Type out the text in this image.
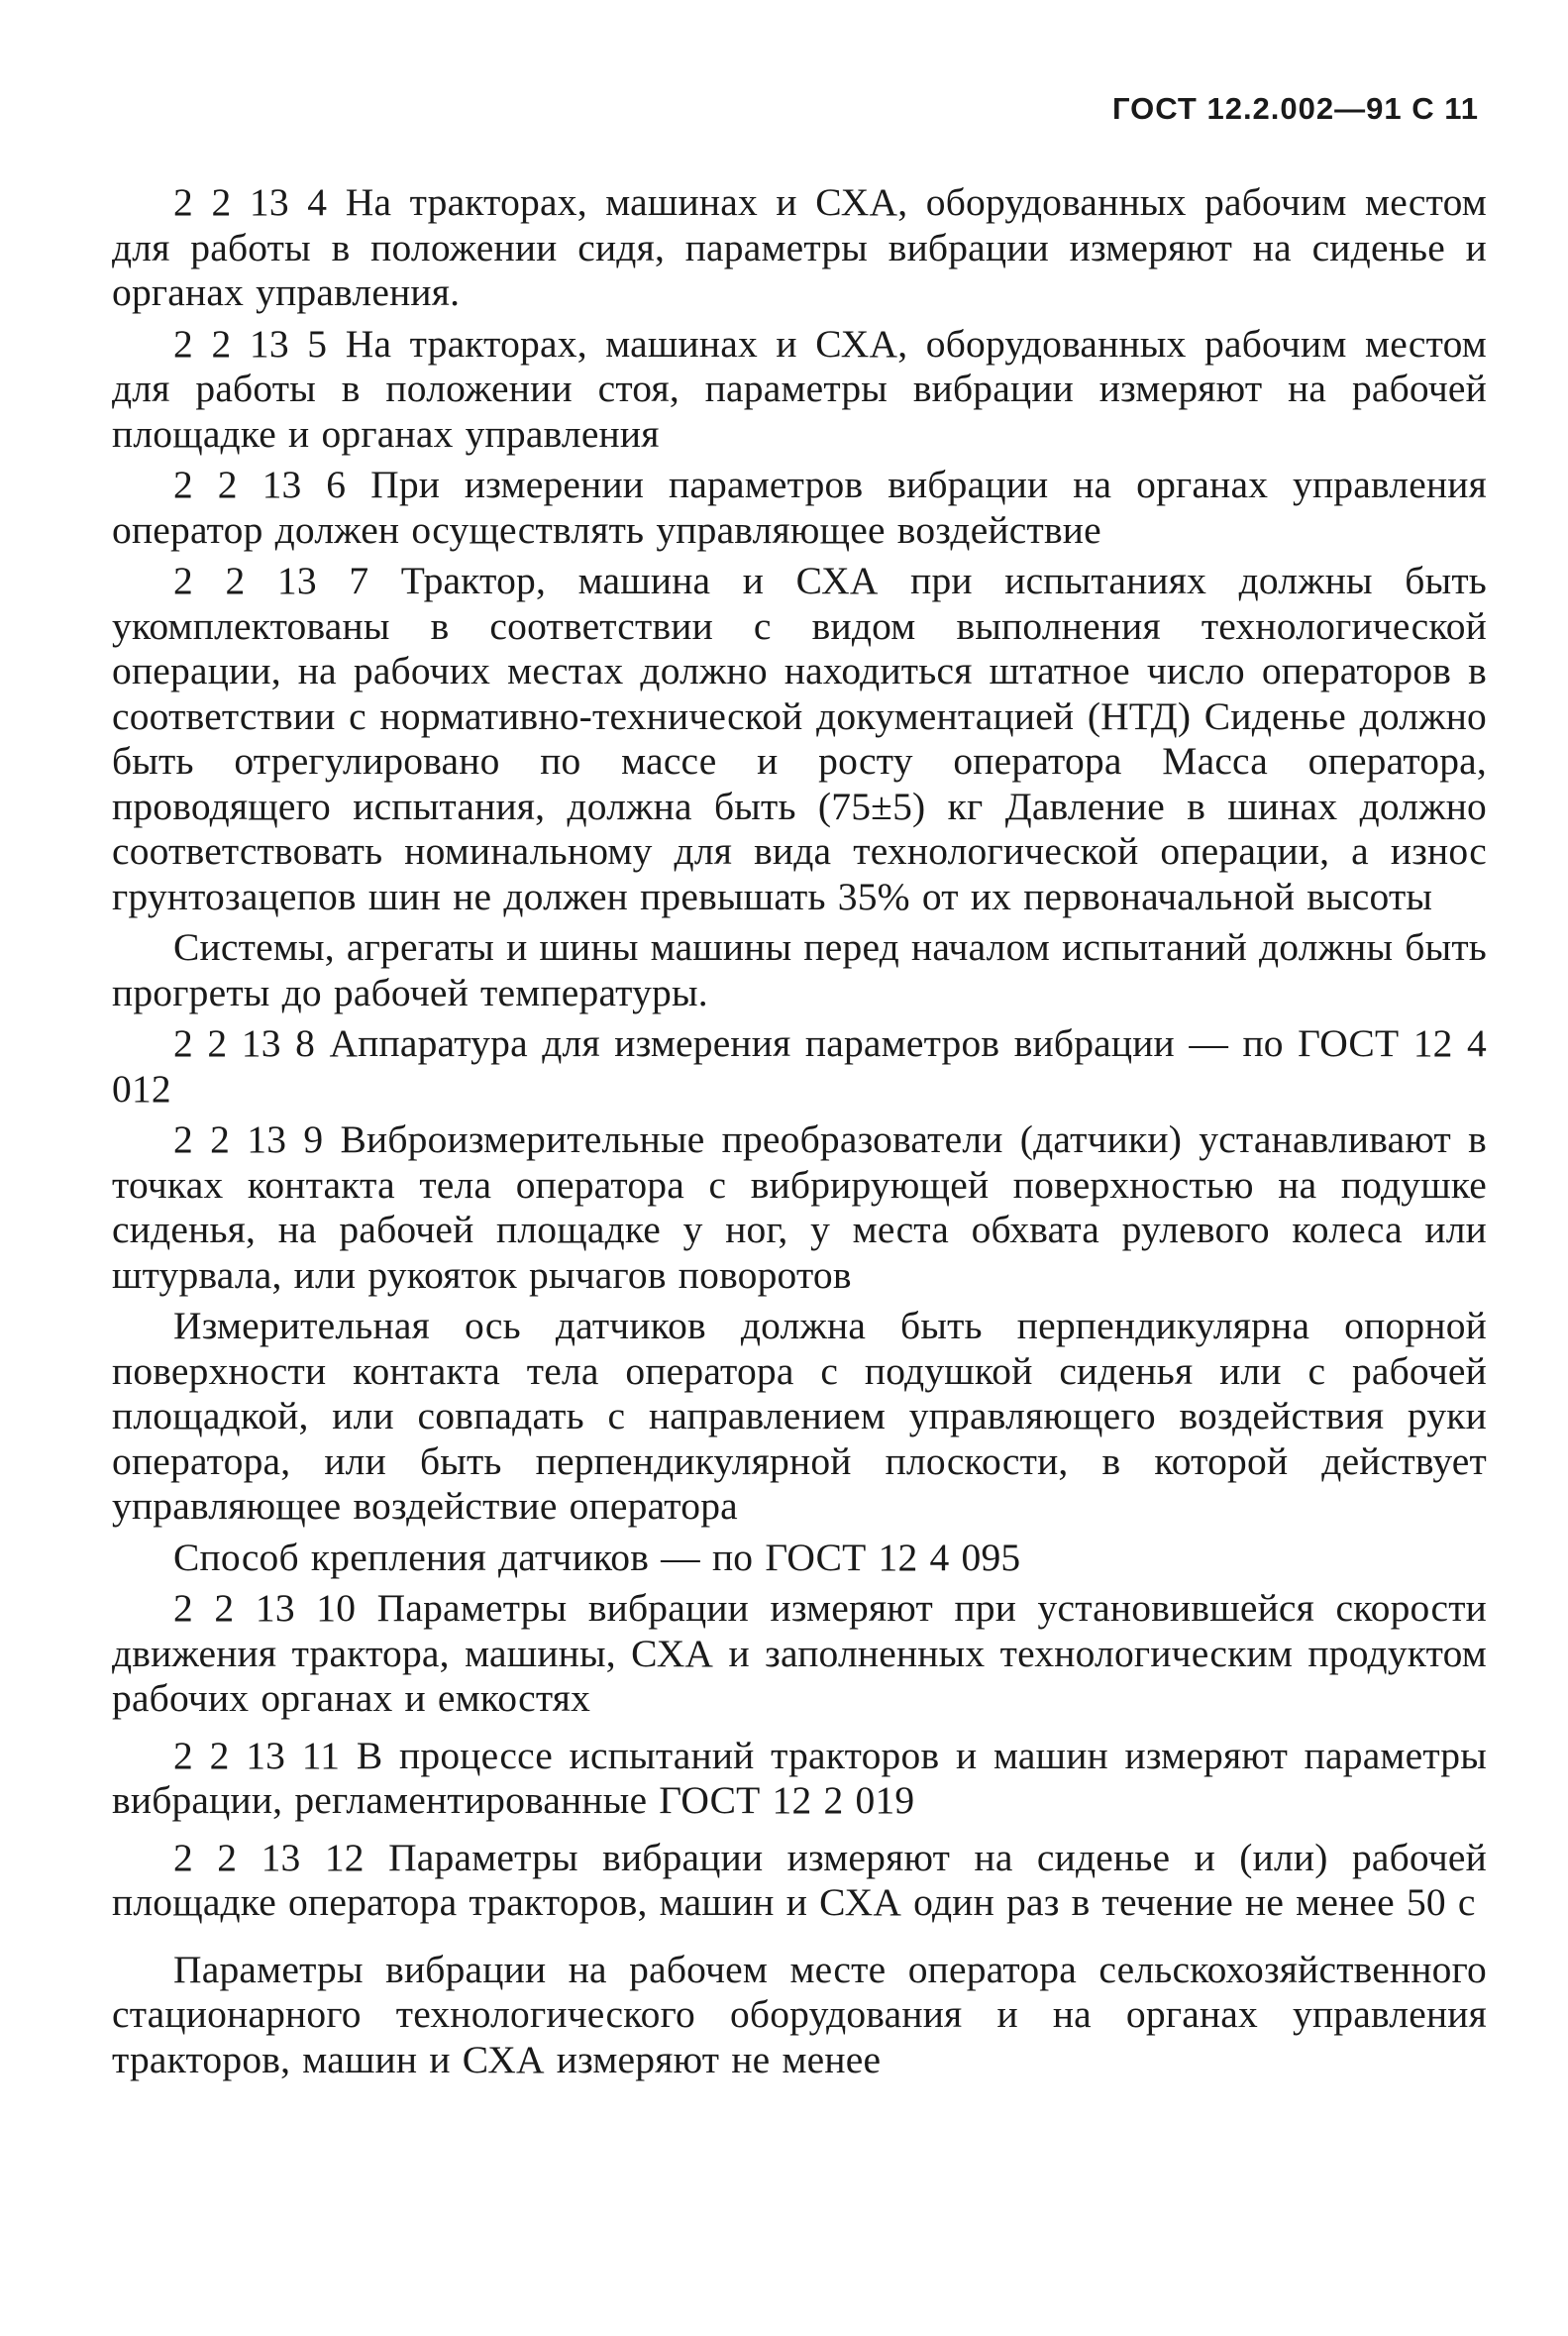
ГОСТ 12.2.002—91 С 11

2 2 13 4 На тракторах, машинах и СХА, оборудованных рабочим местом для работы в положении сидя, параметры вибрации измеряют на сиденье и органах управления.

2 2 13 5 На тракторах, машинах и СХА, оборудованных рабочим местом для работы в положении стоя, параметры вибрации измеряют на рабочей площадке и органах управления

2 2 13 6 При измерении параметров вибрации на органах управления оператор должен осуществлять управляющее воздействие

2 2 13 7 Трактор, машина и СХА при испытаниях должны быть укомплектованы в соответствии с видом выполнения технологической операции, на рабочих местах должно находиться штатное число операторов в соответствии с нормативно-технической документацией (НТД) Сиденье должно быть отрегулировано по массе и росту оператора Масса оператора, проводящего испытания, должна быть (75±5) кг Давление в шинах должно соответствовать номинальному для вида технологической операции, а износ грунтозацепов шин не должен превышать 35% от их первоначальной высоты

Системы, агрегаты и шины машины перед началом испытаний должны быть прогреты до рабочей температуры.

2 2 13 8 Аппаратура для измерения параметров вибрации — по ГОСТ 12 4 012

2 2 13 9 Виброизмерительные преобразователи (датчики) устанавливают в точках контакта тела оператора с вибрирующей поверхностью на подушке сиденья, на рабочей площадке у ног, у места обхвата рулевого колеса или штурвала, или рукояток рычагов поворотов

Измерительная ось датчиков должна быть перпендикулярна опорной поверхности контакта тела оператора с подушкой сиденья или с рабочей площадкой, или совпадать с направлением управляющего воздействия руки оператора, или быть перпендикулярной плоскости, в которой действует управляющее воздействие оператора

Способ крепления датчиков — по ГОСТ 12 4 095

2 2 13 10 Параметры вибрации измеряют при установившейся скорости движения трактора, машины, СХА и заполненных технологическим продуктом рабочих органах и емкостях

2 2 13 11 В процессе испытаний тракторов и машин измеряют параметры вибрации, регламентированные ГОСТ 12 2 019

2 2 13 12 Параметры вибрации измеряют на сиденье и (или) рабочей площадке оператора тракторов, машин и СХА один раз в течение не менее 50 с

Параметры вибрации на рабочем месте оператора сельскохозяйственного стационарного технологического оборудования и на органах управления тракторов, машин и СХА измеряют не менее
